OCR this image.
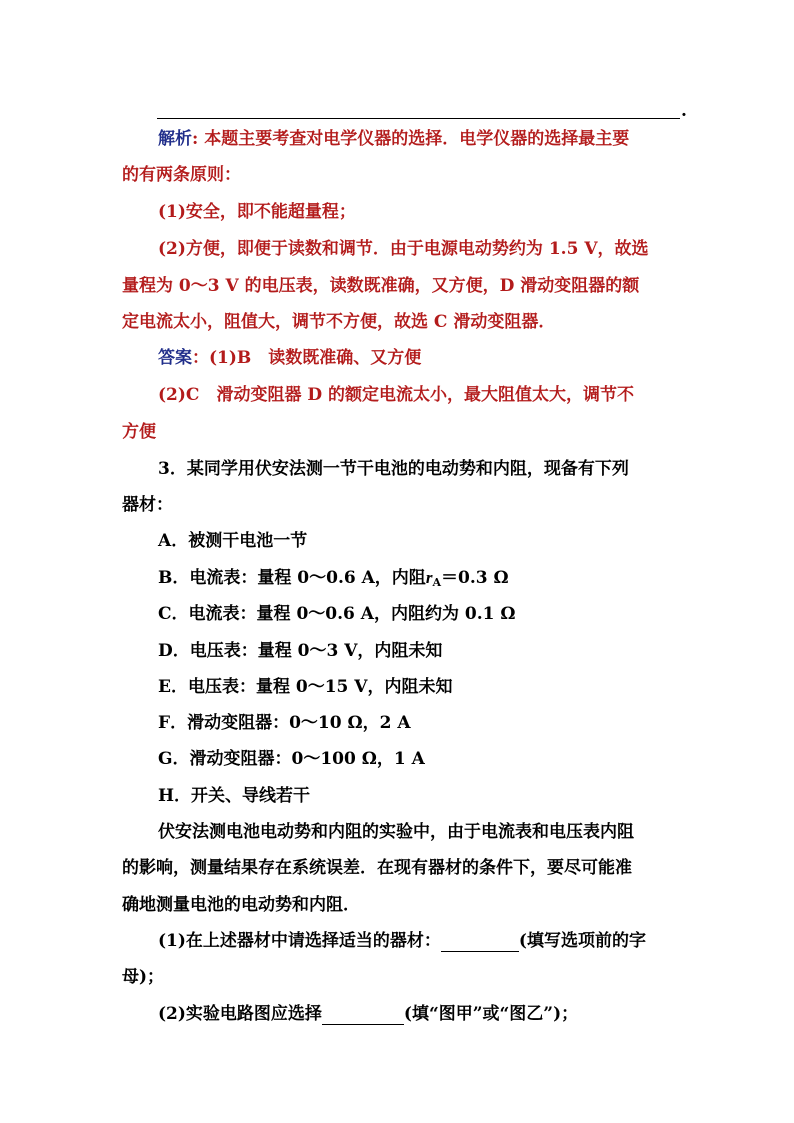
.
解析: 本题主要考查对电学仪器的选择．电学仪器的选择最主要
的有两条原则：
(1)安全，即不能超量程；
(2)方便，即便于读数和调节．由于电源电动势约为 1.5 V，故选
量程为 0～3 V 的电压表，读数既准确，又方便，D 滑动变阻器的额
定电流太小，阻值大，调节不方便，故选 C 滑动变阻器．
答案：(1)B　读数既准确、又方便
(2)C　滑动变阻器 D 的额定电流太小，最大阻值太大，调节不
方便
3．某同学用伏安法测一节干电池的电动势和内阻，现备有下列
器材：
A．被测干电池一节
B．电流表：量程 0～0.6 A，内阻$r_A=0.3$ Ω
C．电流表：量程 0～0.6 A，内阻约为 0.1 Ω
D．电压表：量程 0～3 V，内阻未知
E．电压表：量程 0～15 V，内阻未知
F．滑动变阻器：0～10 Ω，2 A
G．滑动变阻器：0～100 Ω，1 A
H．开关、导线若干
伏安法测电池电动势和内阻的实验中，由于电流表和电压表内阻
的影响，测量结果存在系统误差．在现有器材的条件下，要尽可能准
确地测量电池的电动势和内阻．
(1)在上述器材中请选择适当的器材：	(填写选项前的字
母)；
(2)实验电路图应选择	(填“图甲”或“图乙”)；
